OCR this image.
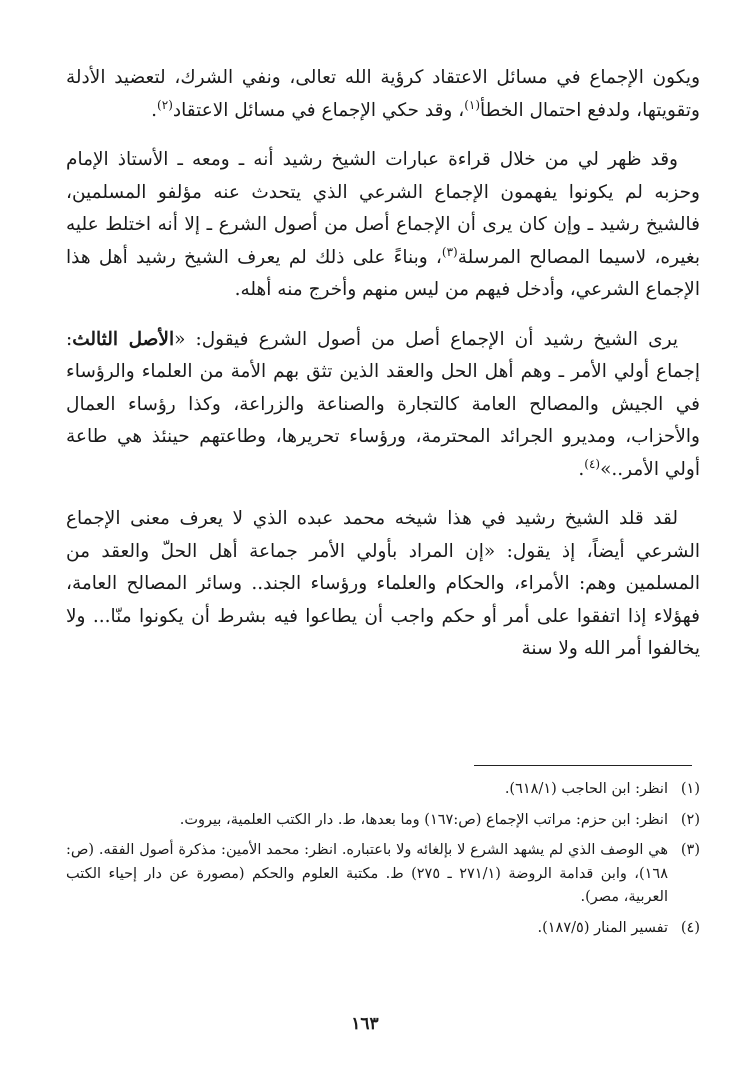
ويكون الإجماع في مسائل الاعتقاد كرؤية الله تعالى، ونفي الشرك، لتعضيد الأدلة وتقويتها، ولدفع احتمال الخطأ$^{(١)}$، وقد حكي الإجماع في مسائل الاعتقاد$^{(٢)}$.

وقد ظهر لي من خلال قراءة عبارات الشيخ رشيد أنه ـ ومعه ـ الأستاذ الإمام وحزبه لم يكونوا يفهمون الإجماع الشرعي الذي يتحدث عنه مؤلفو المسلمين، فالشيخ رشيد ـ وإن كان يرى أن الإجماع أصل من أصول الشرع ـ إلا أنه اختلط عليه بغيره، لاسيما المصالح المرسلة$^{(٣)}$، وبناءً على ذلك لم يعرف الشيخ رشيد أهل هذا الإجماع الشرعي، وأدخل فيهم من ليس منهم وأخرج منه أهله.

يرى الشيخ رشيد أن الإجماع أصل من أصول الشرع فيقول: «الأصل الثالث: إجماع أولي الأمر ـ وهم أهل الحل والعقد الذين تثق بهم الأمة من العلماء والرؤساء في الجيش والمصالح العامة كالتجارة والصناعة والزراعة، وكذا رؤساء العمال والأحزاب، ومديرو الجرائد المحترمة، ورؤساء تحريرها، وطاعتهم حينئذ هي طاعة أولي الأمر..»$^{(٤)}$.

لقد قلد الشيخ رشيد في هذا شيخه محمد عبده الذي لا يعرف معنى الإجماع الشرعي أيضاً، إذ يقول: «إن المراد بأولي الأمر جماعة أهل الحلّ والعقد من المسلمين وهم: الأمراء، والحكام والعلماء ورؤساء الجند.. وسائر المصالح العامة، فهؤلاء إذا اتفقوا على أمر أو حكم واجب أن يطاعوا فيه بشرط أن يكونوا منّا... ولا يخالفوا أمر الله ولا سنة

(١)
انظر: ابن الحاجب (٦١٨/١).
(٢)
انظر: ابن حزم: مراتب الإجماع (ص:١٦٧) وما بعدها، ط. دار الكتب العلمية، بيروت.
(٣)
هي الوصف الذي لم يشهد الشرع لا بإلغائه ولا باعتباره. انظر: محمد الأمين: مذكرة أصول الفقه. (ص: ١٦٨)، وابن قدامة الروضة (٢٧١/١ ـ ٢٧٥) ط. مكتبة العلوم والحكم (مصورة عن دار إحياء الكتب العربية، مصر).
(٤)
تفسير المنار (١٨٧/٥).
١٦٣
